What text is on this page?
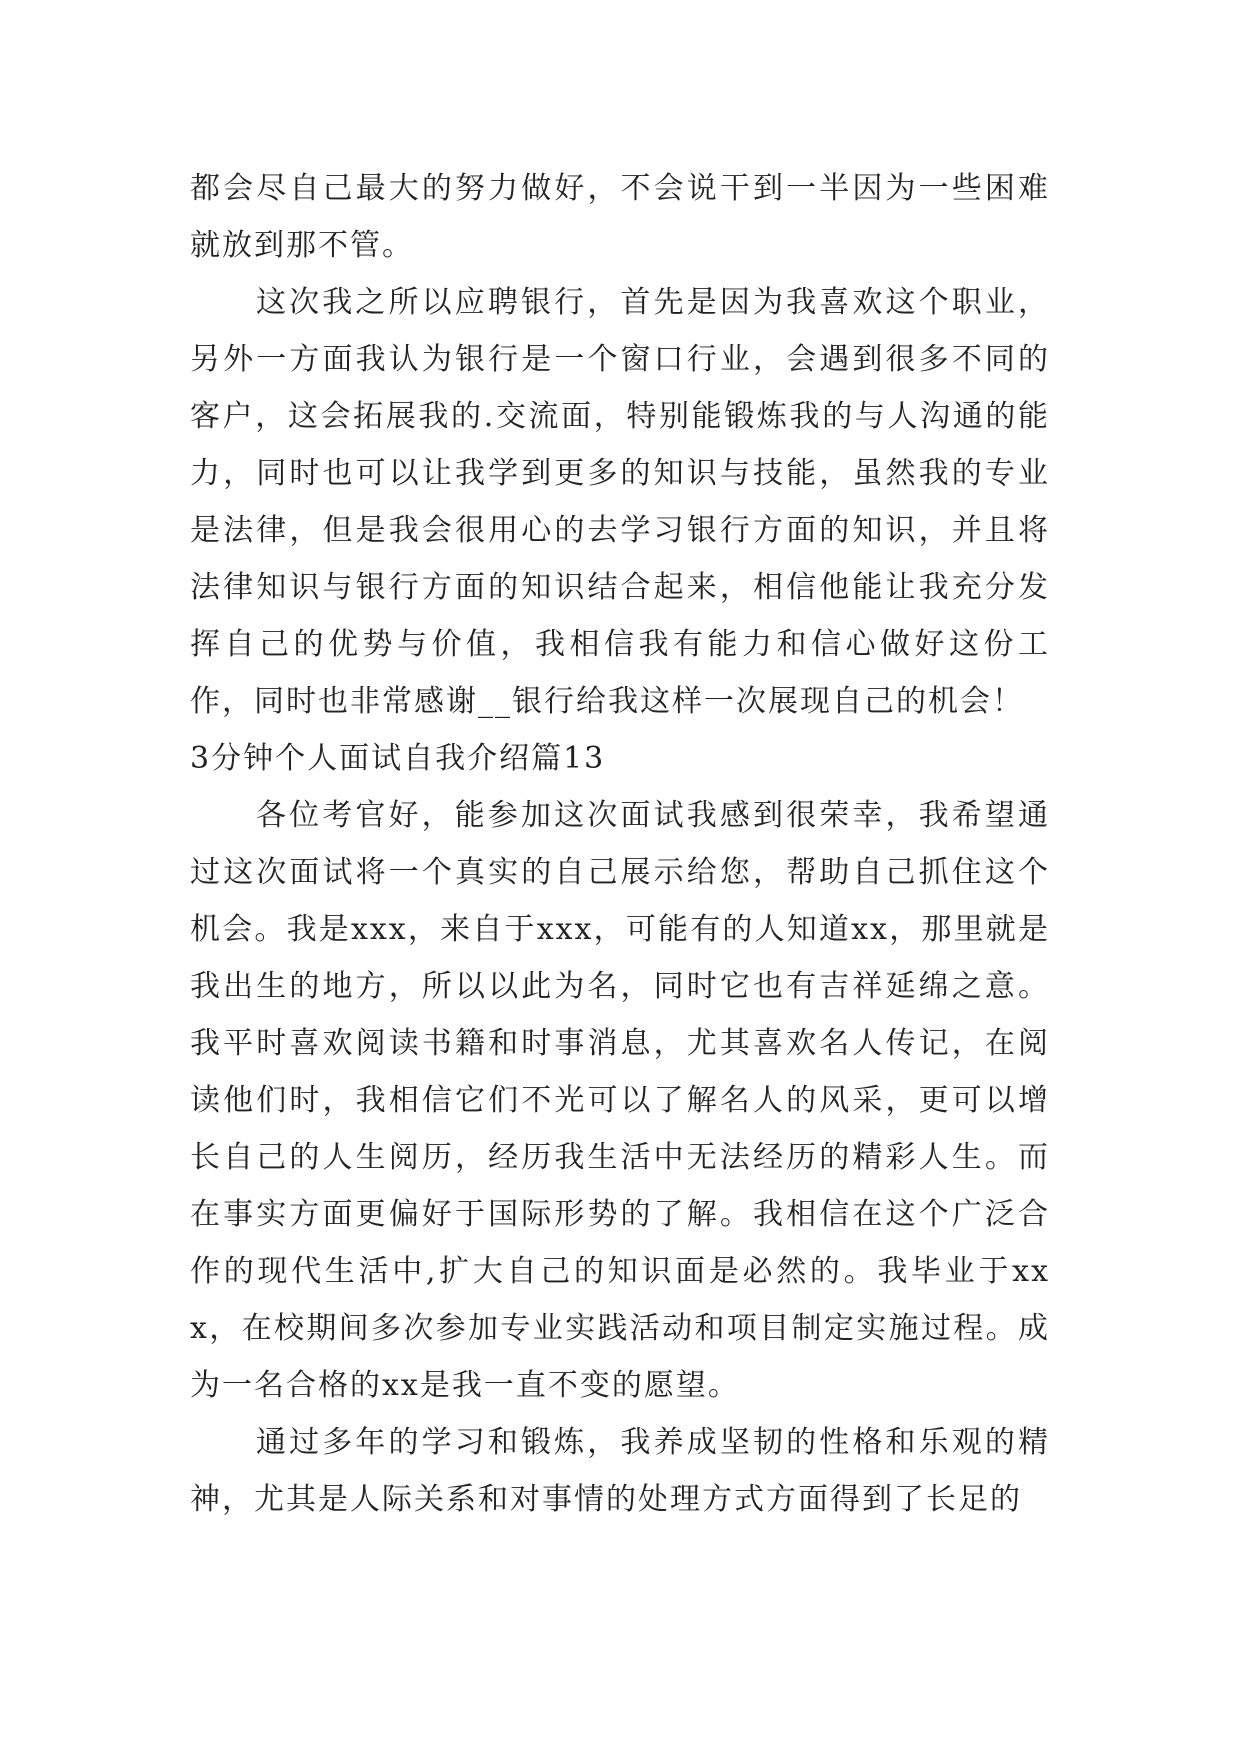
都会尽自己最大的努力做好，不会说干到一半因为一些困难就放到那不管。

这次我之所以应聘银行，首先是因为我喜欢这个职业，另外一方面我认为银行是一个窗口行业，会遇到很多不同的客户，这会拓展我的.交流面，特别能锻炼我的与人沟通的能力，同时也可以让我学到更多的知识与技能，虽然我的专业是法律，但是我会很用心的去学习银行方面的知识，并且将法律知识与银行方面的知识结合起来，相信他能让我充分发挥自己的优势与价值，我相信我有能力和信心做好这份工作，同时也非常感谢__银行给我这样一次展现自己的机会！

3分钟个人面试自我介绍篇13

各位考官好，能参加这次面试我感到很荣幸，我希望通过这次面试将一个真实的自己展示给您，帮助自己抓住这个机会。我是xxx，来自于xxx，可能有的人知道xx，那里就是我出生的地方，所以以此为名，同时它也有吉祥延绵之意。我平时喜欢阅读书籍和时事消息，尤其喜欢名人传记，在阅读他们时，我相信它们不光可以了解名人的风采，更可以增长自己的人生阅历，经历我生活中无法经历的精彩人生。而在事实方面更偏好于国际形势的了解。我相信在这个广泛合作的现代生活中,扩大自己的知识面是必然的。我毕业于xxx，在校期间多次参加专业实践活动和项目制定实施过程。成为一名合格的xx是我一直不变的愿望。

通过多年的学习和锻炼，我养成坚韧的性格和乐观的精神，尤其是人际关系和对事情的处理方式方面得到了长足的
